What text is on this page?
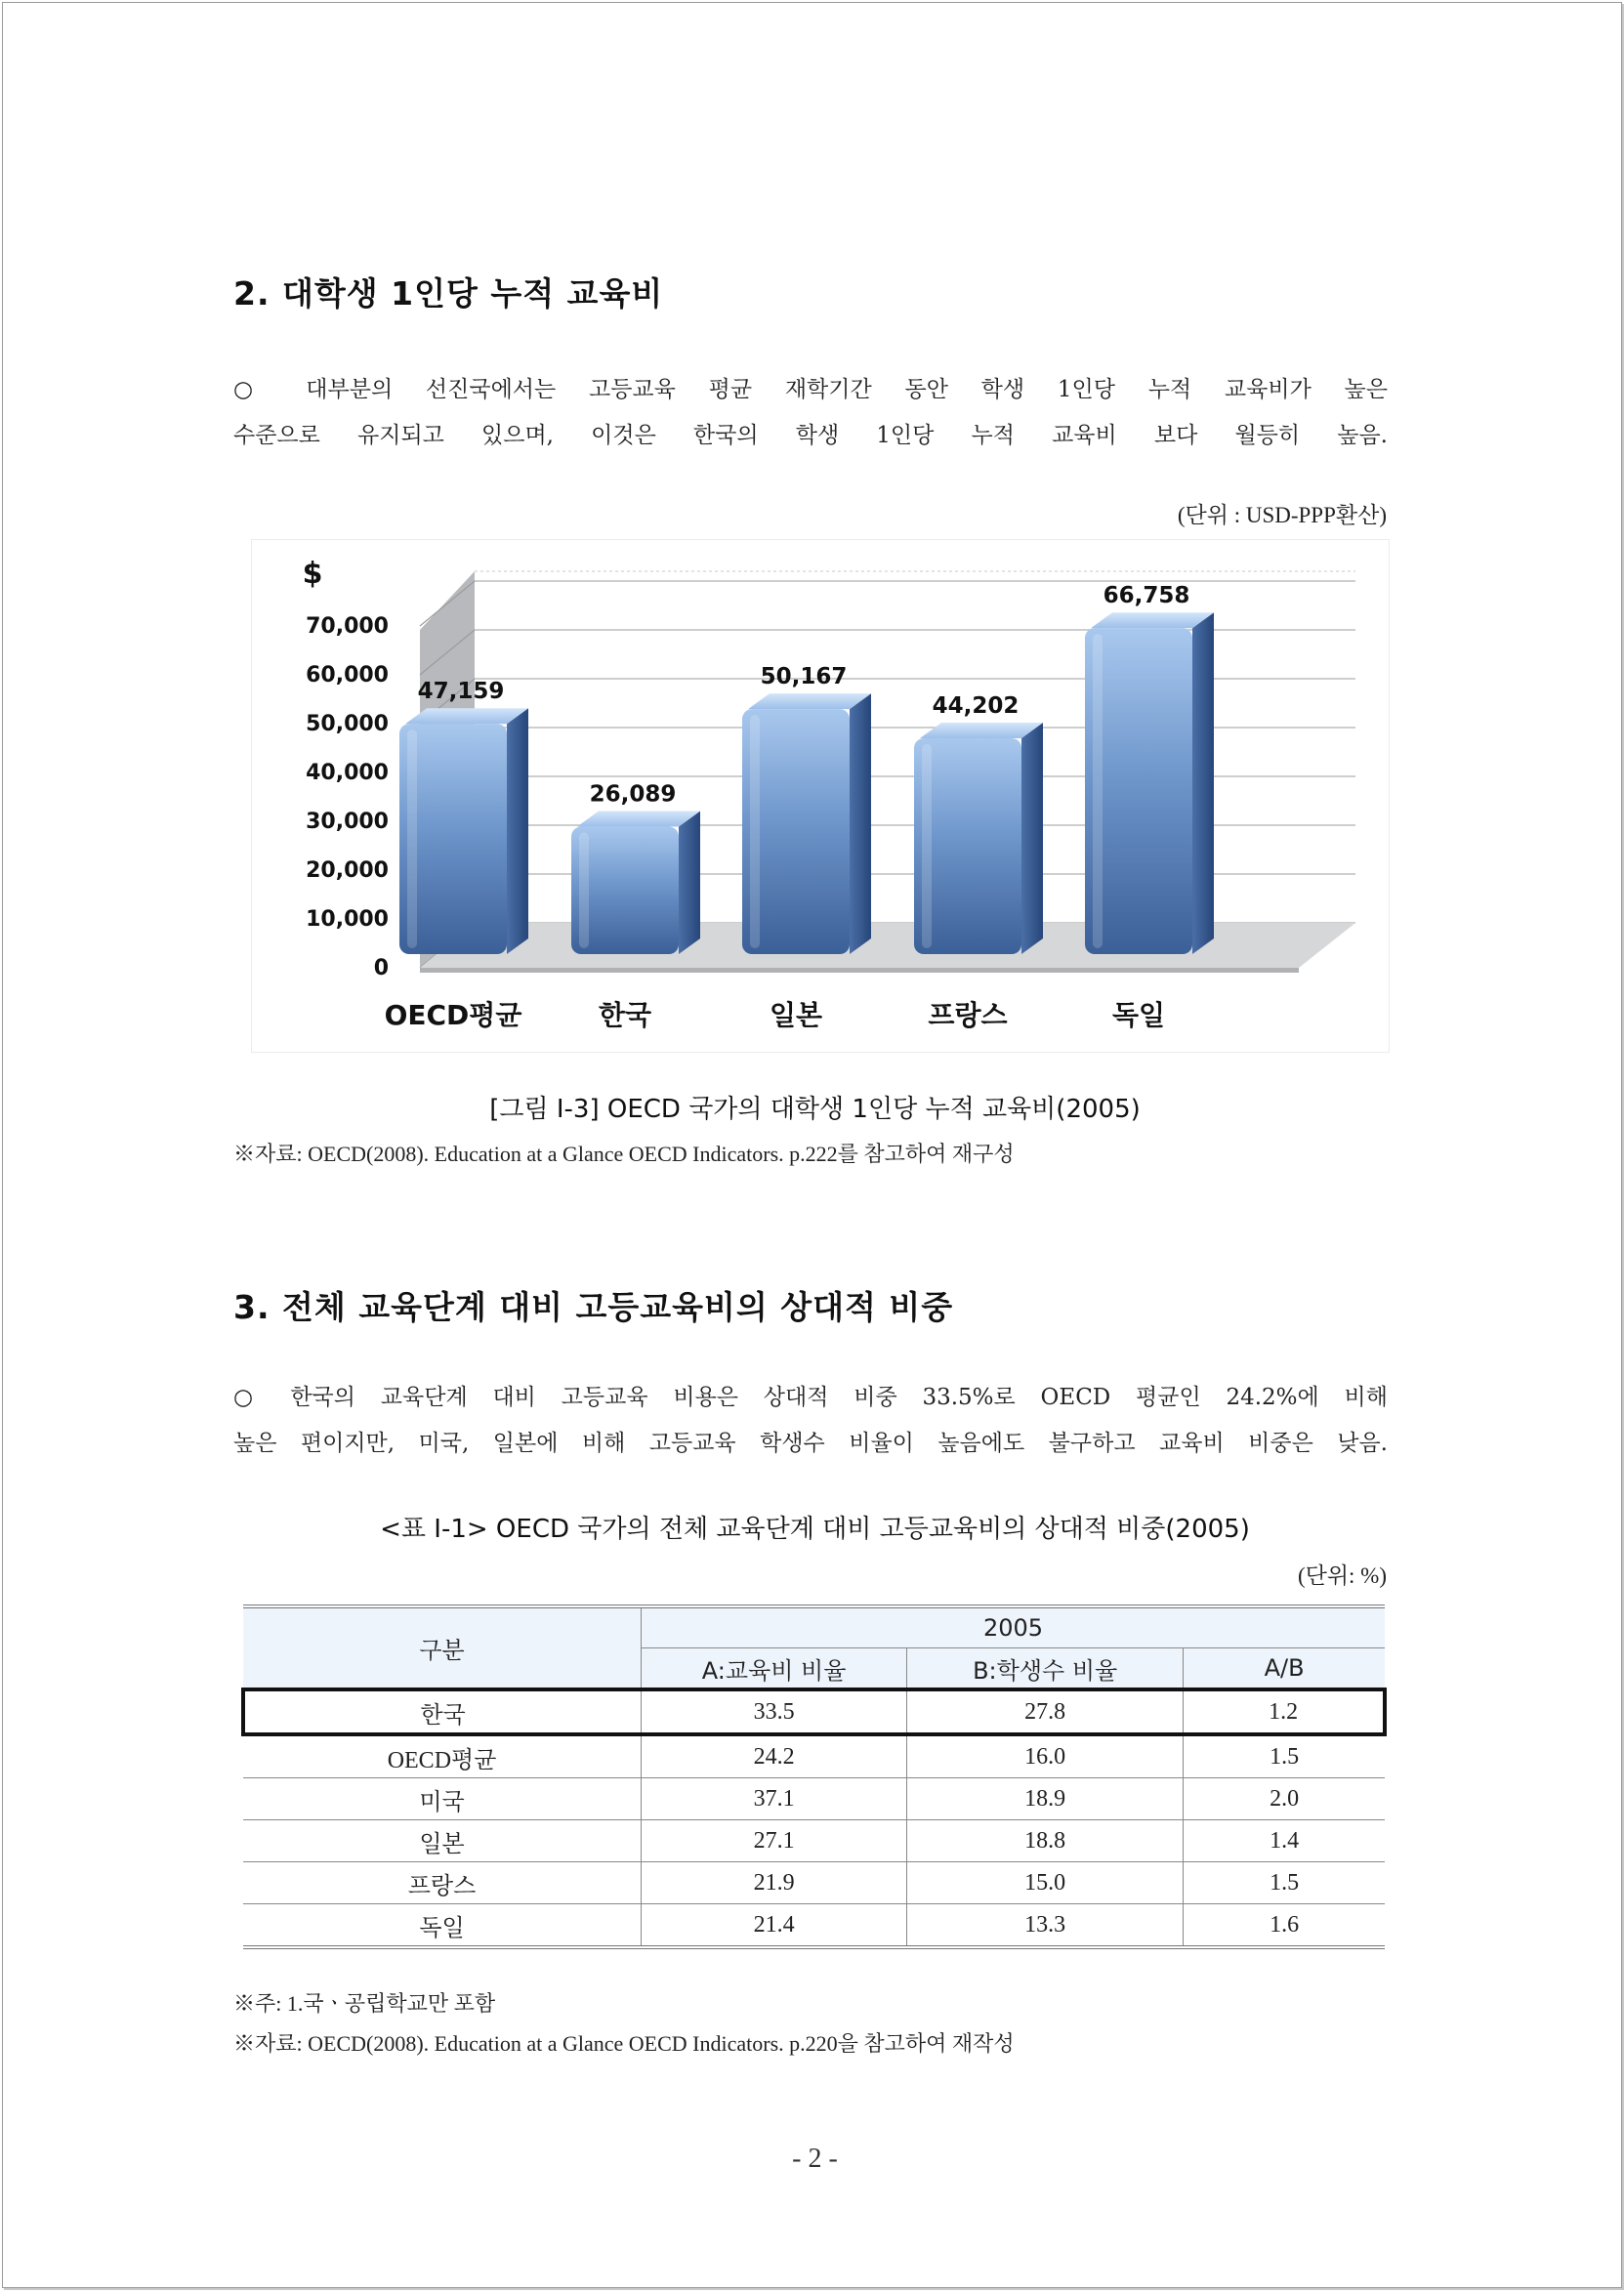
2. 대학생 1인당 누적 교육비

○ 대부분의 선진국에서는 고등교육 평균 재학기간 동안 학생 1인당 누적 교육비가 높은
수준으로 유지되고 있으며, 이것은 한국의 학생 1인당 누적 교육비 보다 월등히 높음.

(단위 : USD-PPP환산)
$
0
10,000
20,000
30,000
40,000
50,000
60,000
70,000
47,159
OECD평균
26,089
한국
50,167
일본
44,202
프랑스
66,758
독일
[그림 Ⅰ-3] OECD 국가의 대학생 1인당 누적 교육비(2005)
※자료: OECD(2008). Education at a Glance OECD Indicators. p.222를 참고하여 재구성
3. 전체 교육단계 대비 고등교육비의 상대적 비중

○ 한국의 교육단계 대비 고등교육 비용은 상대적 비중 33.5%로 OECD 평균인 24.2%에 비해
높은 편이지만, 미국, 일본에 비해 고등교육 학생수 비율이 높음에도 불구하고 교육비 비중은 낮음.

<표 Ⅰ-1> OECD 국가의 전체 교육단계 대비 고등교육비의 상대적 비중(2005)
(단위: %)
구분	2005		
	A:교육비 비율	B:학생수 비율	A/B
한국	33.5	27.8	1.2
OECD평균	24.2	16.0	1.5
미국	37.1	18.9	2.0
일본	27.1	18.8	1.4
프랑스	21.9	15.0	1.5
독일	21.4	13.3	1.6
※주: 1.국ㆍ공립학교만 포함
※자료: OECD(2008). Education at a Glance OECD Indicators. p.220을 참고하여 재작성
- 2 -
